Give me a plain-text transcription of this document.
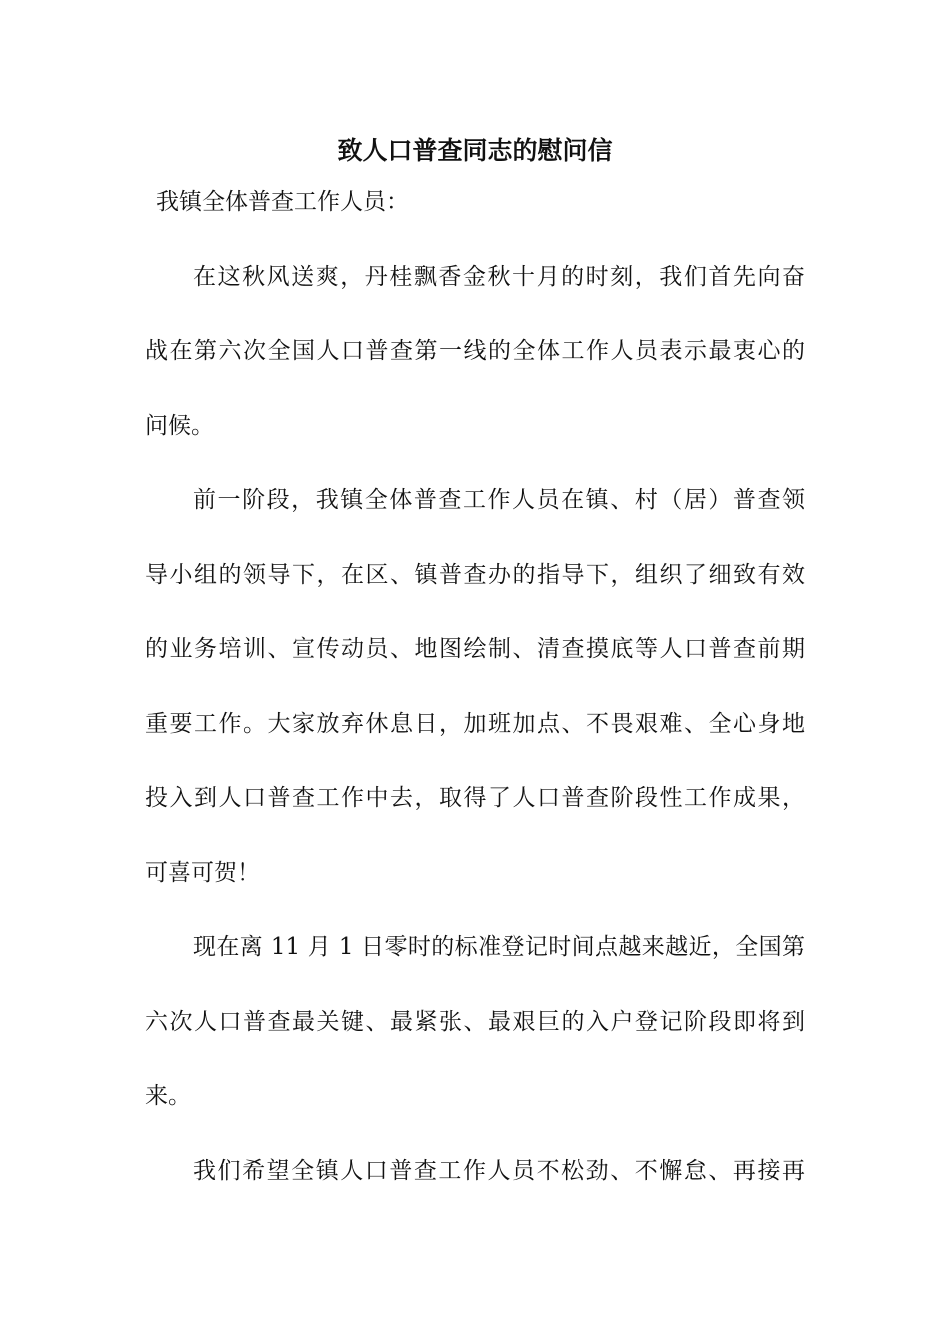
致人口普查同志的慰问信
我镇全体普查工作人员：
在这秋风送爽，丹桂飘香金秋十月的时刻，我们首先向奋
战在第六次全国人口普查第一线的全体工作人员表示最衷心的
问候。
前一阶段，我镇全体普查工作人员在镇、村（居）普查领
导小组的领导下，在区、镇普查办的指导下，组织了细致有效
的业务培训、宣传动员、地图绘制、清查摸底等人口普查前期
重要工作。大家放弃休息日，加班加点、不畏艰难、全心身地
投入到人口普查工作中去，取得了人口普查阶段性工作成果，
可喜可贺！
现在离 11 月 1 日零时的标准登记时间点越来越近，全国第
六次人口普查最关键、最紧张、最艰巨的入户登记阶段即将到
来。
我们希望全镇人口普查工作人员不松劲、不懈怠、再接再
